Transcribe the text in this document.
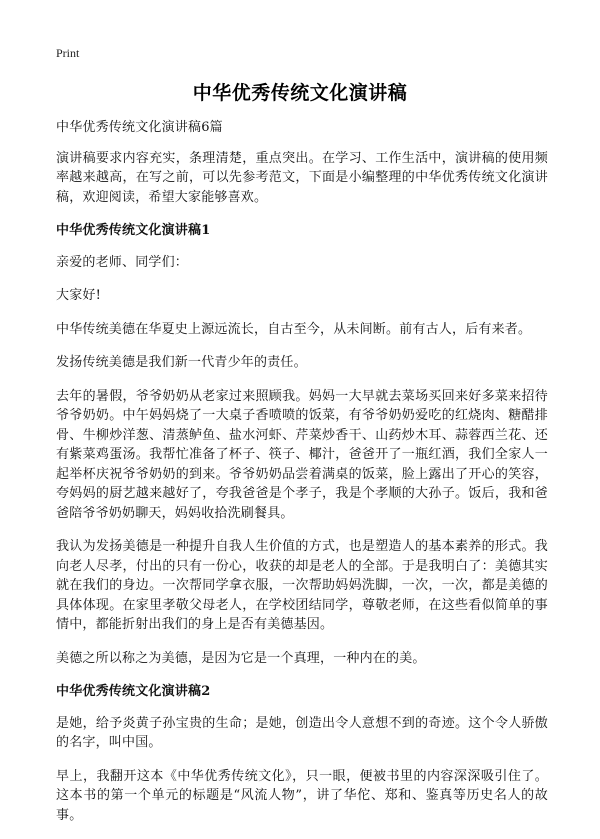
Print
中华优秀传统文化演讲稿

中华优秀传统文化演讲稿6篇

演讲稿要求内容充实，条理清楚，重点突出。在学习、工作生活中，演讲稿的使用频率越来越高，在写之前，可以先参考范文，下面是小编整理的中华优秀传统文化演讲稿，欢迎阅读，希望大家能够喜欢。

中华优秀传统文化演讲稿1

亲爱的老师、同学们：

大家好!

中华传统美德在华夏史上源远流长，自古至今，从未间断。前有古人，后有来者。

发扬传统美德是我们新一代青少年的责任。

去年的暑假，爷爷奶奶从老家过来照顾我。妈妈一大早就去菜场买回来好多菜来招待爷爷奶奶。中午妈妈烧了一大桌子香喷喷的饭菜，有爷爷奶奶爱吃的红烧肉、糖醋排骨、牛柳炒洋葱、清蒸鲈鱼、盐水河虾、芹菜炒香干、山药炒木耳、蒜蓉西兰花、还有紫菜鸡蛋汤。我帮忙准备了杯子、筷子、椰汁，爸爸开了一瓶红酒，我们全家人一起举杯庆祝爷爷奶奶的到来。爷爷奶奶品尝着满桌的饭菜，脸上露出了开心的笑容，夸妈妈的厨艺越来越好了，夸我爸爸是个孝子，我是个孝顺的大孙子。饭后，我和爸爸陪爷爷奶奶聊天，妈妈收拾洗刷餐具。

我认为发扬美德是一种提升自我人生价值的方式，也是塑造人的基本素养的形式。我向老人尽孝，付出的只有一份心，收获的却是老人的全部。于是我明白了：美德其实就在我们的身边。一次帮同学拿衣服，一次帮助妈妈洗脚，一次，一次，都是美德的具体体现。在家里孝敬父母老人，在学校团结同学，尊敬老师，在这些看似简单的事情中，都能折射出我们的身上是否有美德基因。

美德之所以称之为美德，是因为它是一个真理，一种内在的美。

中华优秀传统文化演讲稿2

是她，给予炎黄子孙宝贵的生命；是她，创造出令人意想不到的奇迹。这个令人骄傲的名字，叫中国。

早上，我翻开这本《中华优秀传统文化》，只一眼，便被书里的内容深深吸引住了。这本书的第一个单元的标题是“风流人物”，讲了华佗、郑和、鉴真等历史名人的故事。
